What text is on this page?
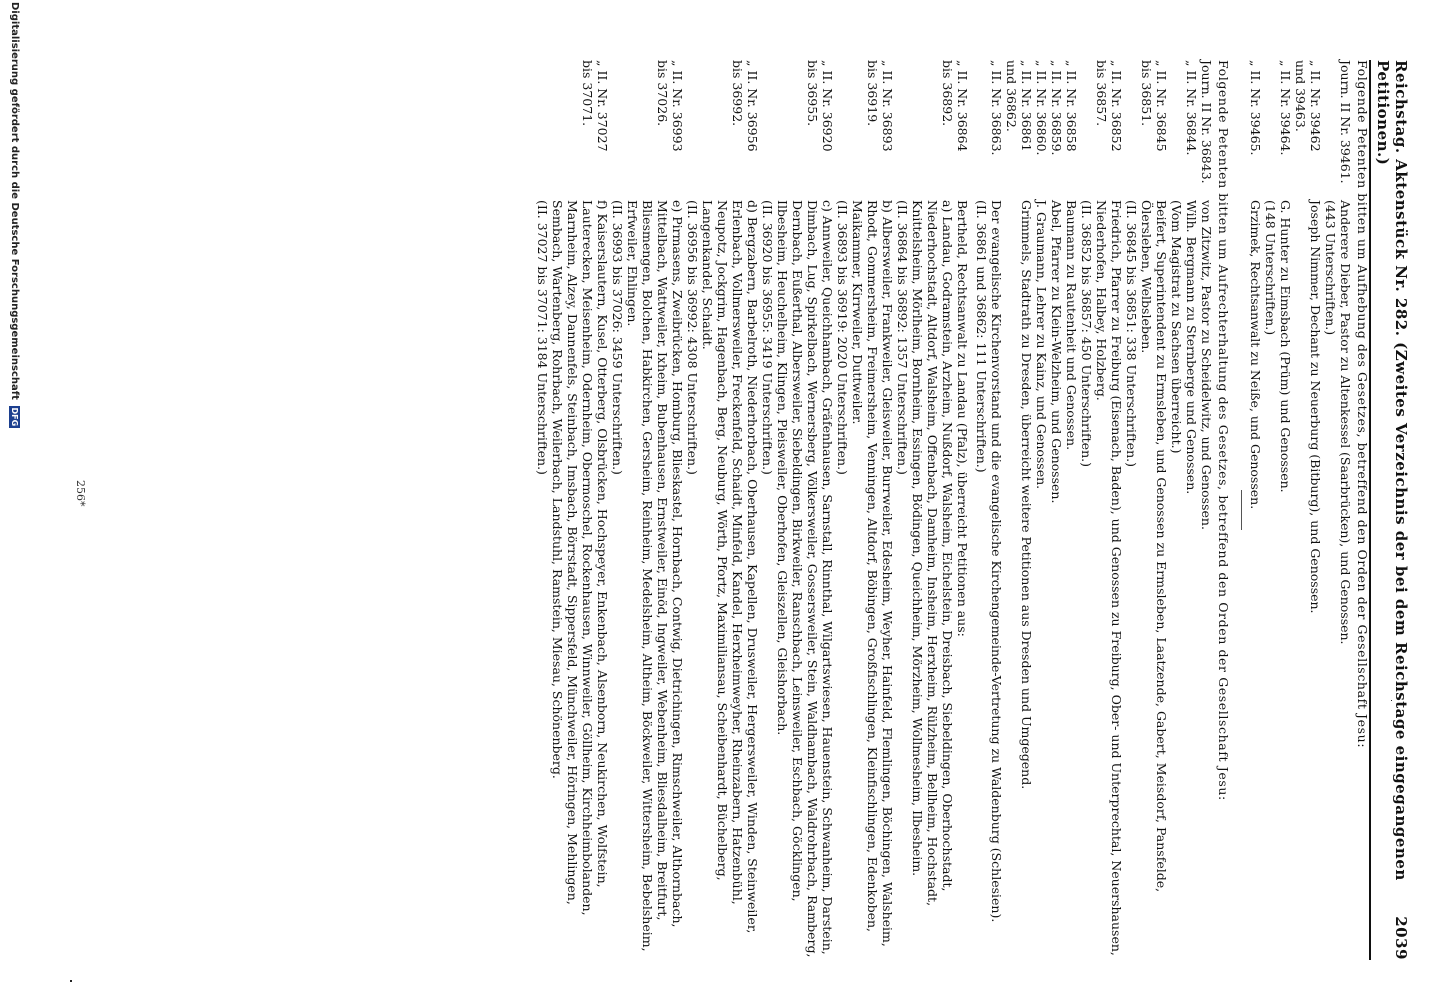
Reichstag. Aktenstück Nr. 282. (Zweites Verzeichnis der bei dem Reichstage eingegangenen Petitionen.)
2039
Folgende Petenten bitten um Aufhebung des Gesetzes, betreffend den Orden der Gesellschaft Jesu:
Journ. II Nr. 39461.
Anderere Dieber, Pastor zu Altenkessel (Saarbrücken), und Genossen.
(443 Unterschriften.)
„ II. Nr. 39462
und 39463.
Joseph Nimmer, Dechant zu Neuerburg (Bitburg), und Genossen.
„ II. Nr. 39464.
G. Hunter zu Eimsbach (Prüm) und Genossen.
(148 Unterschriften.)
„ II. Nr. 39465.
Grzimek, Rechtsanwalt zu Neiße, und Genossen.
Folgende Petenten bitten um Aufrechterhaltung des Gesetzes, betreffend den Orden der Gesellschaft Jesu:
Journ. II Nr. 36843.
von Zitzwitz, Pastor zu Scheidelwitz, und Genossen.
„ II. Nr. 36844.
Wilh. Bergmann zu Sternberge und Genossen.
(Vom Magistrat zu Sachsen überreicht.)
„ II. Nr. 36845
bis 36851.
Beifert, Superintendent zu Ermsleben, und Genossen zu Ermsleben, Laatzende, Gabert, Meisdorf, Pansfelde, Ölersleben, Welbsleben.
(II. 36845 bis 36851: 338 Unterschriften.)
„ II. Nr. 36852
bis 36857.
Friedrich, Pfarrer zu Freiburg (Eisenach, Baden), und Genossen zu Freiburg, Ober- und Unterprechtal, Neuershausen, Niederhofen, Halbey, Holzberg.
(II. 36852 bis 36857: 450 Unterschriften.)
„ II. Nr. 36858
Baumann zu Rautenheit und Genossen.
„ II. Nr. 36859.
Abel, Pfarrer zu Klein-Welzheim, und Genossen.
„ II. Nr. 36860.
J. Graumann, Lehrer zu Kainz, und Genossen.
„ II. Nr. 36861
und 36862.
Grimmels, Stadtrath zu Dresden, überreicht weitere Petitionen aus Dresden und Umgegend.
„ II. Nr. 36863.
Der evangelische Kirchenvorstand und die evangelische Kirchengemeinde-Vertretung zu Waldenburg (Schlesien).
(II. 36861 und 36862: 111 Unterschriften.)
„ II. Nr. 36864
bis 36892.
Bertheld, Rechtsanwalt zu Landau (Pfalz), überreicht Petitionen aus:
a) Landau, Godramstein, Arzheim, Nußdorf, Walsheim, Eichelstein, Dreisbach, Siebeldingen, Oberhochstadt, Niederhochstadt, Altdorf, Walsheim, Offenbach, Damheim, Insheim, Herxheim, Rülzheim, Bellheim, Hochstadt, Knittelsheim, Mörlheim, Bornheim, Essingen, Bödingen, Queichheim, Mörzheim, Wollmesheim, Ilbesheim.
(II. 36864 bis 36892: 1357 Unterschriften.)
„ II. Nr. 36893
bis 36919.
b) Albersweiler, Frankweiler, Gleisweiler, Burrweiler, Edesheim, Weyher, Hainfeld, Flemlingen, Böchingen, Walsheim, Rhodt, Gommersheim, Freimersheim, Venningen, Altdorf, Böbingen, Großfischlingen, Kleinfischlingen, Edenkoben, Maikammer, Kirrweiler, Duttweiler.
(II. 36893 bis 36919: 2020 Unterschriften.)
„ II. Nr. 36920
bis 36955.
c) Annweiler, Queichhambach, Gräfenhausen, Sarnstall, Rinnthal, Wilgartswiesen, Hauenstein, Schwanheim, Darstein, Dimbach, Lug, Spirkelbach, Wernersberg, Völkersweiler, Gossersweiler, Stein, Waldhambach, Waldrohrbach, Ramberg, Dernbach, Eußerthal, Albersweiler, Siebeldingen, Birkweiler, Ranschbach, Leinsweiler, Eschbach, Göcklingen, Ilbesheim, Heuchelheim, Klingen, Pleisweiler, Oberhofen, Gleiszellen, Gleishorbach.
(II. 36920 bis 36955: 3419 Unterschriften.)
„ II. Nr. 36956
bis 36992.
d) Bergzabern, Barbelroth, Niederhorbach, Oberhausen, Kapellen, Drusweiler, Hergersweiler, Winden, Steinweiler, Erlenbach, Vollmersweiler, Freckenfeld, Schaidt, Minfeld, Kandel, Herxheimweyher, Rheinzabern, Hatzenbühl, Neupotz, Jockgrim, Hagenbach, Berg, Neuburg, Wörth, Pfortz, Maximiliansau, Scheibenhardt, Büchelberg, Langenkandel, Schaidt.
(II. 36956 bis 36992: 4308 Unterschriften.)
„ II. Nr. 36993
bis 37026.
e) Pirmasens, Zweibrücken, Homburg, Blieskastel, Hornbach, Contwig, Dietrichingen, Rimschweiler, Althornbach, Mittelbach, Wattweiler, Ixheim, Bubenhausen, Ernstweiler, Einöd, Ingweiler, Webenheim, Bliesdalheim, Breitfurt, Bliesmengen, Bolchen, Habkirchen, Gersheim, Reinheim, Medelsheim, Altheim, Böckweiler, Wittersheim, Bebelsheim, Erfweiler, Ehlingen.
(II. 36993 bis 37026: 3459 Unterschriften.)
„ II. Nr. 37027
bis 37071.
f) Kaiserslautern, Kusel, Otterberg, Olsbrücken, Hochspeyer, Enkenbach, Alsenborn, Neukirchen, Wolfstein, Lauterecken, Meisenheim, Odernheim, Obermoschel, Rockenhausen, Winnweiler, Göllheim, Kirchheimbolanden, Marnheim, Alzey, Dannenfels, Steinbach, Imsbach, Börrstadt, Sippersfeld, Münchweiler, Höringen, Mehlingen, Sembach, Wartenberg, Rohrbach, Weilerbach, Landstuhl, Ramstein, Miesau, Schönenberg.
(II. 37027 bis 37071: 3184 Unterschriften.)
256*
Digitalisierung gefördert durch die Deutsche Forschungsgemeinschaft
DFG
